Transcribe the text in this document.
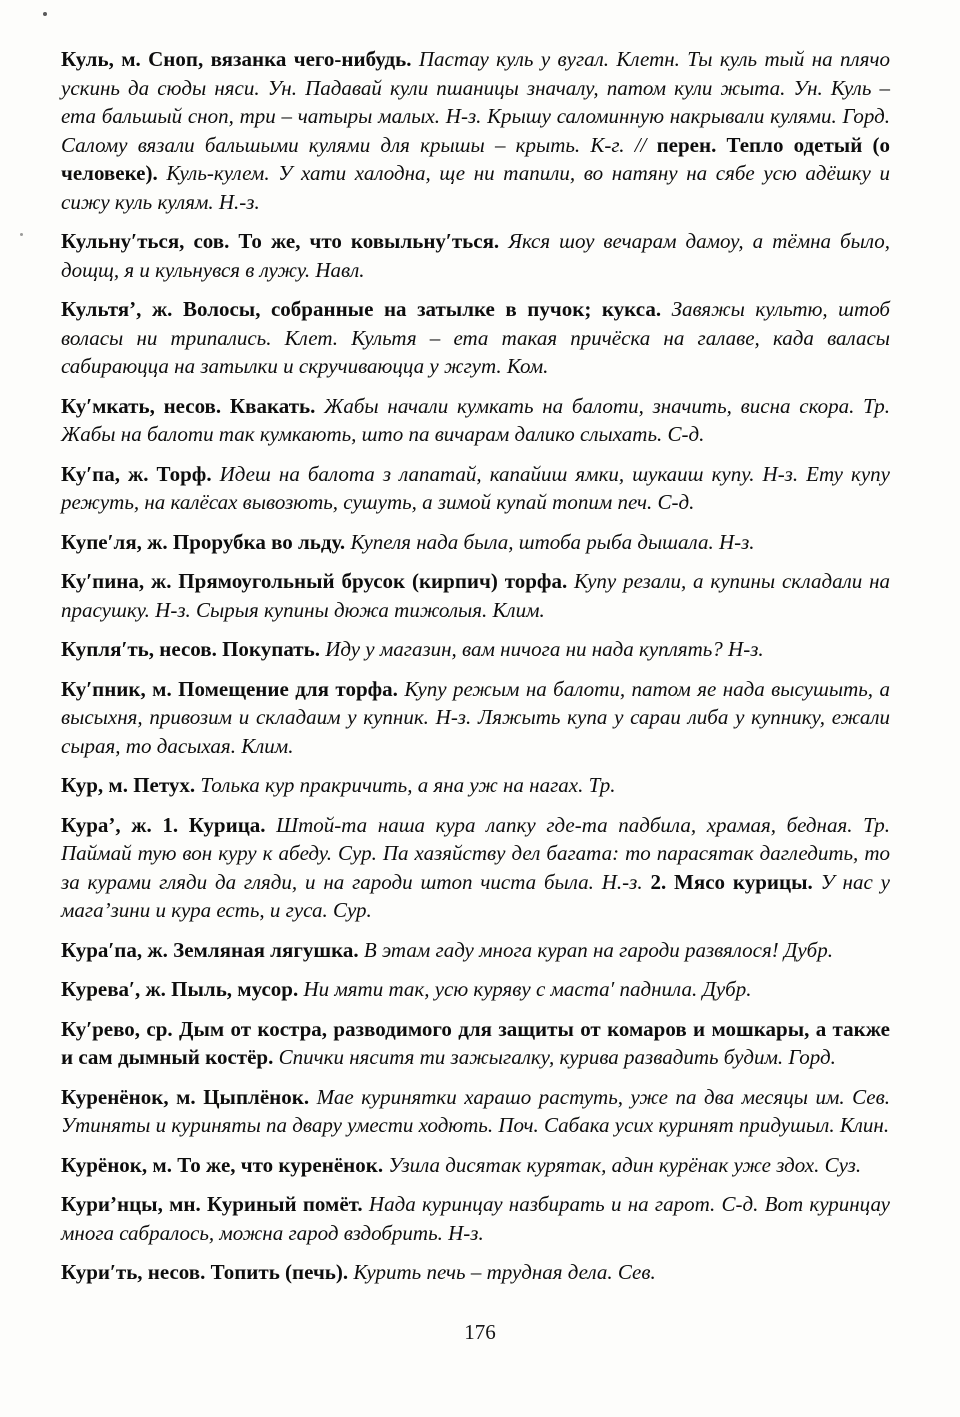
Куль, м. Сноп, вязанка чего-нибудь. Пастау куль у вугал. Клетн. Ты куль тый на плячо ускинь да сюды няси. Ун. Падавай кули пшаницы значалу, патом кули жыта. Ун. Куль – ета бальшый сноп, три – чатыры малых. Н-з. Крышу саломинную накрывали кулями. Горд. Салому вязали бальшыми кулями для крышы – крыть. К-г. // перен. Тепло одетый (о человеке). Куль-кулем. У хати халодна, ще ни тапили, во натяну на сябе усю адёшку и сижу куль кулям. Н.-з.

Кульну′ться, сов. То же, что ковыльну′ться. Якся шоу вечарам дамоу, а тёмна было, дощщ, я и кульнувся в лужу. Навл.

Культя’, ж. Волосы, собранные на затылке в пучок; кукса. Завяжы культю, штоб воласы ни трипались. Клет. Культя – ета такая причёска на галаве, када валасы сабираюцца на затылки и скручиваюцца у жгут. Ком.

Ку′мкать, несов. Квакать. Жабы начали кумкать на балоти, значить, висна скора. Тр. Жабы на балоти так кумкають, што па вичарам далико слыхать. С-д.

Ку′па, ж. Торф. Идеш на балота з лапатай, капайиш ямки, шукаиш купу. Н-з. Ету купу режуть, на калёсах вывозють, сушуть, а зимой купай топим печ. С-д.

Купе′ля, ж. Прорубка во льду. Купеля нада была, штоба рыба дышала. Н-з.

Ку′пина, ж. Прямоугольный брусок (кирпич) торфа. Купу резали, а купины складали на прасушку. Н-з. Сырыя купины дюжа тижолыя. Клим.

Купля′ть, несов. Покупать. Иду у магазин, вам ничога ни нада куплять? Н-з.

Ку′пник, м. Помещение для торфа. Купу режым на балоти, патом яе нада высушыть, а высыхня, привозим и складаим у купник. Н-з. Ляжыть купа у сараи либа у купнику, ежали сырая, то дасыхая. Клим.

Кур, м. Петух. Толька кур пракричить, а яна уж на нагах. Тр.

Кура’, ж. 1. Курица. Штой-та наша кура лапку где-та падбила, храмая, бедная. Тр. Паймай тую вон куру к абеду. Сур. Па хазяйству дел багата: то парасятак дагледить, то за курами гляди да гляди, и на гароди штоп чиста была. Н.-з. 2. Мясо курицы. У нас у мага’зини и кура есть, и гуса. Сур.

Кура′па, ж. Земляная лягушка. В этам гаду многа курап на гароди развялося! Дубр.

Курева′, ж. Пыль, мусор. Ни мяти так, усю куряву с маста′ паднила. Дубр.

Ку′рево, ср. Дым от костра, разводимого для защиты от комаров и мошкары, а также и сам дымный костёр. Спички няситя ти зажыгалку, курива развадить будим. Горд.

Куренёнок, м. Цыплёнок. Мае куринятки харашо растуть, уже па два месяцы им. Сев. Утиняты и куриняты па двару умести ходють. Поч. Сабака усих куринят придушыл. Клин.

Курёнок, м. То же, что куренёнок. Узила дисятак курятак, адин курёнак уже здох. Суз.

Кури’нцы, мн. Куриный помёт. Нада куринцау назбирать и на гарот. С-д. Вот куринцау многа сабралось, можна гарод вздобрить. Н-з.

Кури′ть, несов. Топить (печь). Курить печь – трудная дела. Сев.

176
